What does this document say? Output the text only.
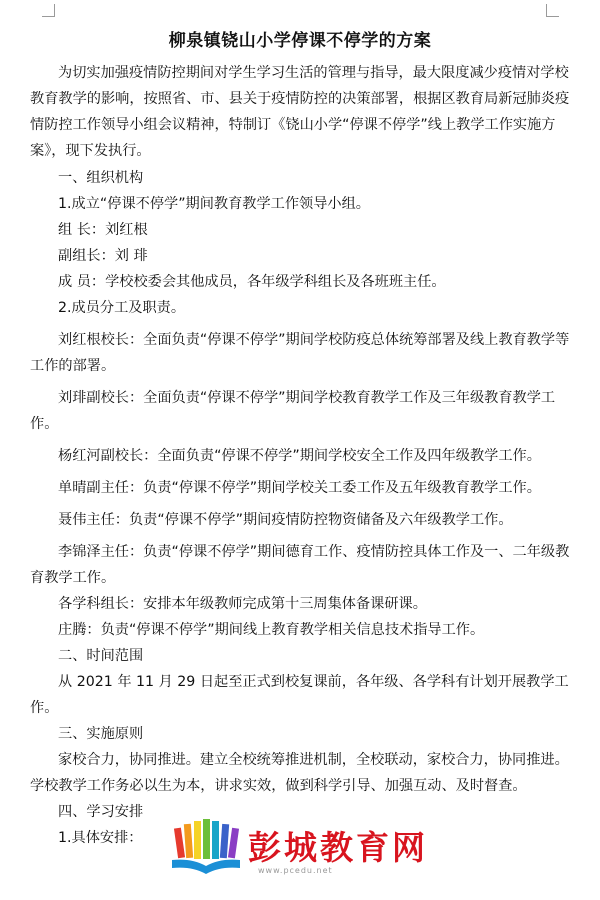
柳泉镇铙山小学停课不停学的方案

为切实加强疫情防控期间对学生学习生活的管理与指导，最大限度减少疫情对学校教育教学的影响，按照省、市、县关于疫情防控的决策部署，根据区教育局新冠肺炎疫情防控工作领导小组会议精神，特制订《铙山小学“停课不停学”线上教学工作实施方案》，现下发执行。

一、组织机构

1.成立“停课不停学”期间教育教学工作领导小组。

组 长：刘红根

副组长：刘 琲

成 员：学校校委会其他成员，各年级学科组长及各班班主任。

2.成员分工及职责。

刘红根校长：全面负责“停课不停学”期间学校防疫总体统筹部署及线上教育教学等工作的部署。

刘琲副校长：全面负责“停课不停学”期间学校教育教学工作及三年级教育教学工作。

杨红河副校长：全面负责“停课不停学”期间学校安全工作及四年级教学工作。

单晴副主任：负责“停课不停学”期间学校关工委工作及五年级教育教学工作。

聂伟主任：负责“停课不停学”期间疫情防控物资储备及六年级教学工作。

李锦泽主任：负责“停课不停学”期间德育工作、疫情防控具体工作及一、二年级教育教学工作。

各学科组长：安排本年级教师完成第十三周集体备课研课。

庄腾：负责“停课不停学”期间线上教育教学相关信息技术指导工作。

二、时间范围

从 2021 年 11 月 29 日起至正式到校复课前，各年级、各学科有计划开展教学工作。

三、实施原则

家校合力，协同推进。建立全校统筹推进机制，全校联动，家校合力，协同推进。学校教学工作务必以生为本，讲求实效，做到科学引导、加强互动、及时督查。

四、学习安排

1.具体安排：	彭城教育网
www.pcedu.net
